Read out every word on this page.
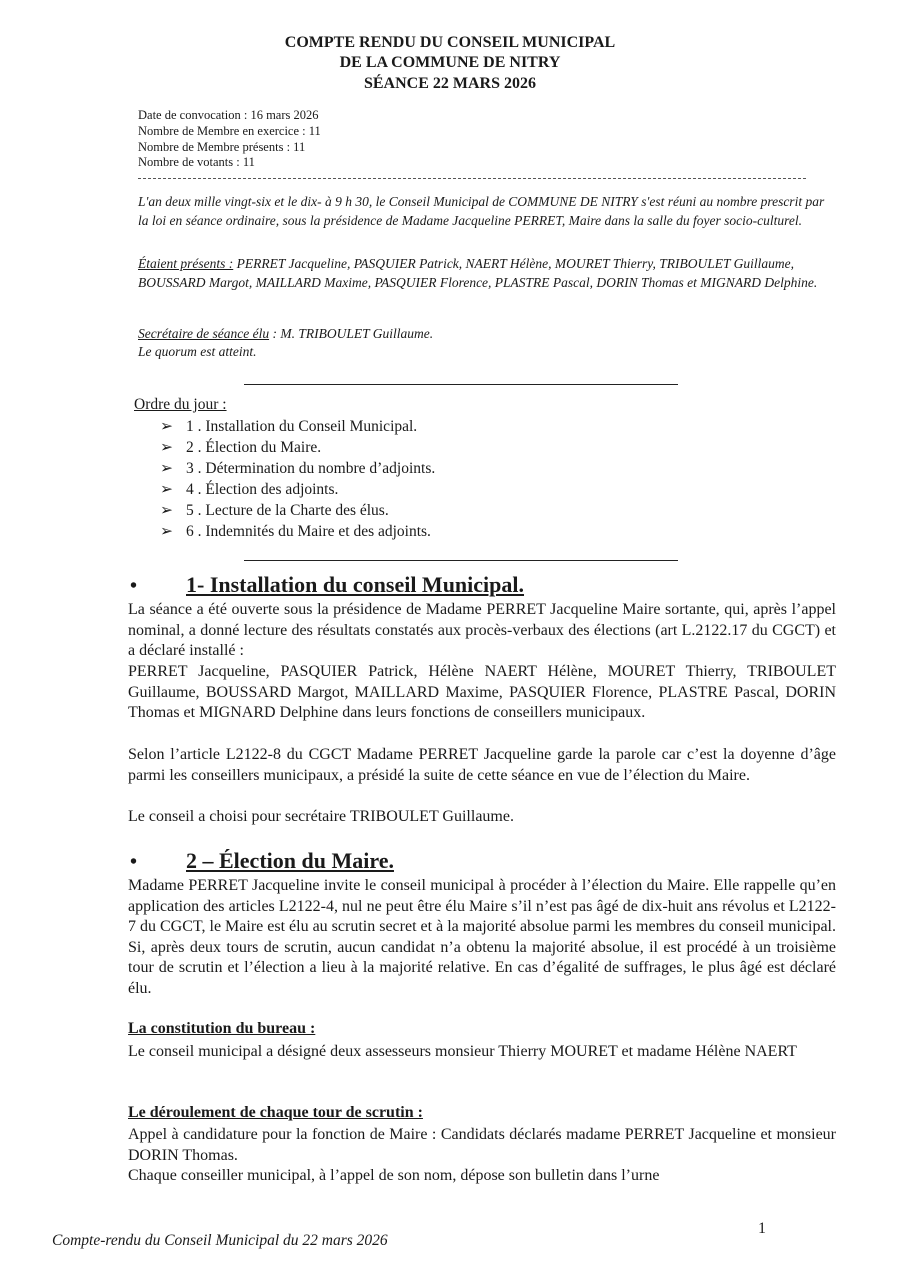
COMPTE RENDU DU CONSEIL MUNICIPAL
DE LA COMMUNE DE NITRY
SÉANCE 22 MARS 2026
Date de convocation : 16 mars 2026
Nombre de Membre en exercice : 11
Nombre de Membre présents : 11
Nombre de votants : 11
L'an deux mille vingt-six et le dix- à 9 h 30, le Conseil Municipal de COMMUNE DE NITRY s'est réuni au nombre prescrit par la loi en séance ordinaire, sous la présidence de Madame Jacqueline PERRET, Maire dans la salle du foyer socio-culturel.
Étaient présents : PERRET Jacqueline, PASQUIER Patrick, NAERT Hélène, MOURET Thierry, TRIBOULET Guillaume, BOUSSARD Margot, MAILLARD Maxime, PASQUIER Florence, PLASTRE Pascal, DORIN Thomas et MIGNARD Delphine.
Secrétaire de séance élu : M. TRIBOULET Guillaume.
Le quorum est atteint.
Ordre du jour :
➢ 1 . Installation du Conseil Municipal.
➢ 2 . Élection du Maire.
➢ 3 . Détermination du nombre d’adjoints.
➢ 4 . Élection des adjoints.
➢ 5 . Lecture de la Charte des élus.
➢ 6 . Indemnités du Maire et des adjoints.
• 1- Installation du conseil Municipal.

La séance a été ouverte sous la présidence de Madame PERRET Jacqueline Maire sortante, qui, après l’appel nominal, a donné lecture des résultats constatés aux procès-verbaux des élections (art L.2122.17 du CGCT) et a déclaré installé :

PERRET Jacqueline, PASQUIER Patrick, Hélène NAERT Hélène, MOURET Thierry, TRIBOULET Guillaume, BOUSSARD Margot, MAILLARD Maxime, PASQUIER Florence, PLASTRE Pascal, DORIN Thomas et MIGNARD Delphine dans leurs fonctions de conseillers municipaux.

Selon l’article L2122-8 du CGCT Madame PERRET Jacqueline garde la parole car c’est la doyenne d’âge parmi les conseillers municipaux, a présidé la suite de cette séance en vue de l’élection du Maire.

Le conseil a choisi pour secrétaire TRIBOULET Guillaume.

• 2 – Élection du Maire.

Madame PERRET Jacqueline invite le conseil municipal à procéder à l’élection du Maire. Elle rappelle qu’en application des articles L2122-4, nul ne peut être élu Maire s’il n’est pas âgé de dix-huit ans révolus et L2122-7 du CGCT, le Maire est élu au scrutin secret et à la majorité absolue parmi les membres du conseil municipal. Si, après deux tours de scrutin, aucun candidat n’a obtenu la majorité absolue, il est procédé à un troisième tour de scrutin et l’élection a lieu à la majorité relative. En cas d’égalité de suffrages, le plus âgé est déclaré élu.

La constitution du bureau :

Le conseil municipal a désigné deux assesseurs monsieur Thierry MOURET et madame Hélène NAERT

Le déroulement de chaque tour de scrutin :

Appel à candidature pour la fonction de Maire : Candidats déclarés madame PERRET Jacqueline et monsieur DORIN Thomas.

Chaque conseiller municipal, à l’appel de son nom, dépose son bulletin dans l’urne

1
Compte-rendu du Conseil Municipal du 22 mars 2026
